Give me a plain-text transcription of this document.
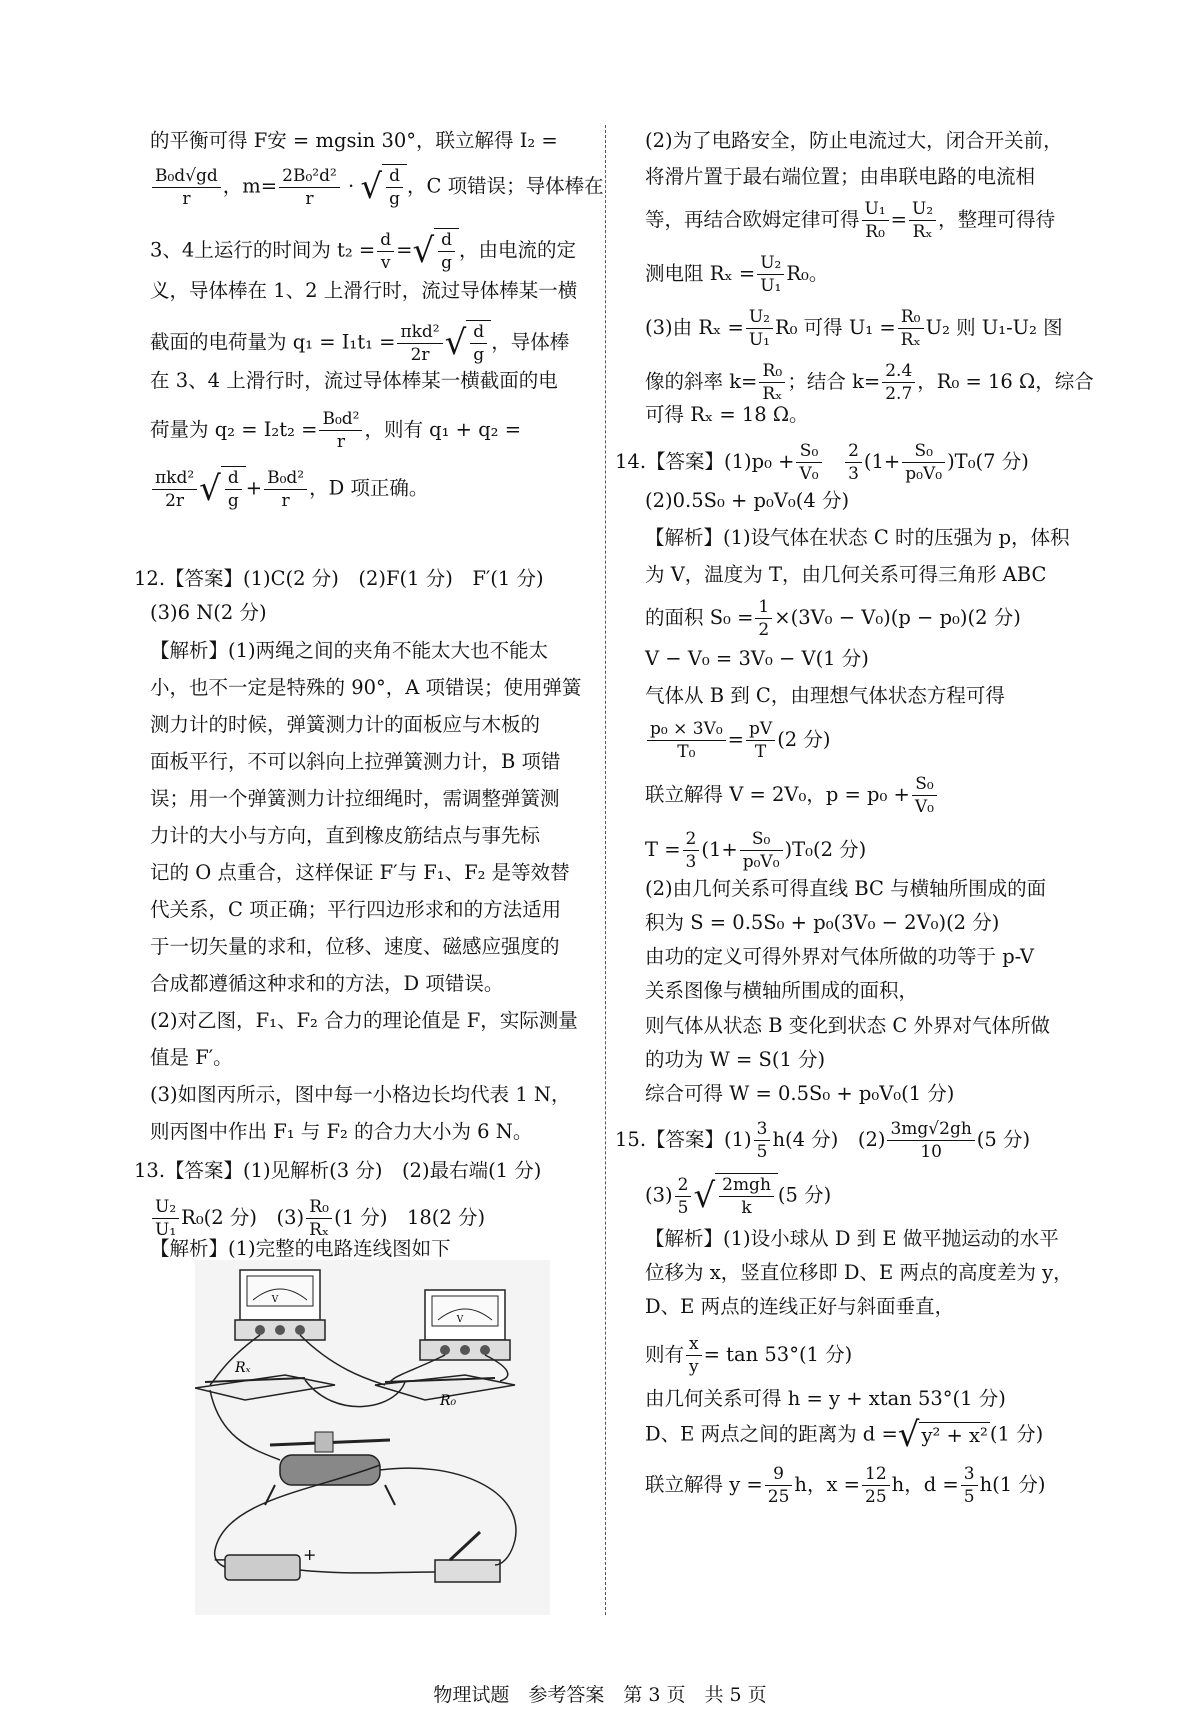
的平衡可得 F安 = mgsin 30°，联立解得 I₂ =
$\frac{\text{B₀d√gd}}{r}$ ，$m= \frac{\text{2B₀²d²}}{r}$ · √ $\frac{d}{g}$ ，C 项错误；导体棒在
3、4上运行的时间为 $t_2 = \frac{d}{v}$ =√ $\frac{d}{g}$ ，由电流的定
义，导体棒在 1、2 上滑行时，流过导体棒某一横
截面的电荷量为 $q_1 = I_1t_1 = \frac{\text{πkd²}}{2r}$ √ $\frac{d}{g}$ ，导体棒
在 3、4 上滑行时，流过导体棒某一横截面的电
荷量为 $q_2 = I_2t_2 = \frac{\text{B₀d²}}{r}$ ，则有 q₁ + q₂ =
$\frac{\text{πkd²}}{2r}$ √ $\frac{d}{g} + \frac{\text{B₀d²}}{r}$ ，D 项正确。
12.【答案】(1)C(2 分)　(2)F(1 分)　F′(1 分)
(3)6 N(2 分)
【解析】(1)两绳之间的夹角不能太大也不能太
小，也不一定是特殊的 90°，A 项错误；使用弹簧
测力计的时候，弹簧测力计的面板应与木板的
面板平行，不可以斜向上拉弹簧测力计，B 项错
误；用一个弹簧测力计拉细绳时，需调整弹簧测
力计的大小与方向，直到橡皮筋结点与事先标
记的 O 点重合，这样保证 F′与 F₁、F₂ 是等效替
代关系，C 项正确；平行四边形求和的方法适用
于一切矢量的求和，位移、速度、磁感应强度的
合成都遵循这种求和的方法，D 项错误。
(2)对乙图，F₁、F₂ 合力的理论值是 F，实际测量
值是 F′。
(3)如图丙所示，图中每一小格边长均代表 1 N，
则丙图中作出 F₁ 与 F₂ 的合力大小为 6 N。
13.【答案】(1)见解析(3 分)　(2)最右端(1 分)
$\frac{\text{U₂}}{\text{U₁}} R_0(2$ 分)　$(3) \frac{\text{R₀}}{\text{Rₓ}} (1$ 分)　18(2 分)
【解析】(1)完整的电路连线图如下
V
V
Rₓ
R₀
−	+
(2)为了电路安全，防止电流过大，闭合开关前，
将滑片置于最右端位置；由串联电路的电流相
等，再结合欧姆定律可得 $\frac{\text{U₁}}{\text{R₀}} = \frac{\text{U₂}}{\text{Rₓ}}$ ，整理可得待
测电阻 $R_x = \frac{\text{U₂}}{\text{U₁}} R_0$。
(3)由 $R_x = \frac{\text{U₂}}{\text{U₁}} R_0$ 可得 $U_1 = \frac{\text{R₀}}{\text{Rₓ}} U_2$ 则 U₁-U₂ 图
像的斜率 $k= \frac{\text{R₀}}{\text{Rₓ}}$ ；结合 $k= \frac{2.4}{2.7}$ ，R₀ = 16 Ω，综合
可得 Rₓ = 18 Ω。
14.【答案】$(1)p_0 + \frac{\text{S₀}}{\text{V₀}}$
　 $\frac{2}{3} (1+ \frac{\text{S₀}}{\text{p₀V₀}} )T_0(7$ 分)
(2)0.5S₀ + p₀V₀(4 分)
【解析】(1)设气体在状态 C 时的压强为 p，体积
为 V，温度为 T，由几何关系可得三角形 ABC
的面积 $S_0 = \frac{1}{2} \times(3V_0 - V_0)(p - p_0)(2$ 分)
V − V₀ = 3V₀ − V(1 分)
气体从 B 到 C，由理想气体状态方程可得
$\frac{\text{p₀ × 3V₀}}{\text{T₀}} = \frac{pV}{T} (2$ 分)
联立解得 V = 2V₀，$p = p_0 + \frac{\text{S₀}}{\text{V₀}}$
$T = \frac{2}{3} (1+ \frac{\text{S₀}}{\text{p₀V₀}} )T_0(2$ 分)
(2)由几何关系可得直线 BC 与横轴所围成的面
积为 S = 0.5S₀ + p₀(3V₀ − 2V₀)(2 分)
由功的定义可得外界对气体所做的功等于 p-V
关系图像与横轴所围成的面积，
则气体从状态 B 变化到状态 C 外界对气体所做
的功为 W = S(1 分)
综合可得 W = 0.5S₀ + p₀V₀(1 分)
15.【答案】$(1) \frac{3}{5} h(4$ 分)　$(2) \frac{3mg√2gh}{10} (5$ 分)
$(3) \frac{2}{5}$ √ $\frac{\text{2mgh}}{k} (5$ 分)
【解析】(1)设小球从 D 到 E 做平抛运动的水平
位移为 x，竖直位移即 D、E 两点的高度差为 y，
D、E 两点的连线正好与斜面垂直，
则有 $\frac{x}{y} = \tan 53^\circ(1$ 分)
由几何关系可得 h = y + xtan 53°(1 分)
D、E 两点之间的距离为 d =√ y² + x² (1 分)
联立解得 $y = \frac{9}{25}$ h，$x = \frac{12}{25}$ h，$d = \frac{3}{5} h(1$ 分)
物理试题　参考答案　第 3 页　共 5 页
